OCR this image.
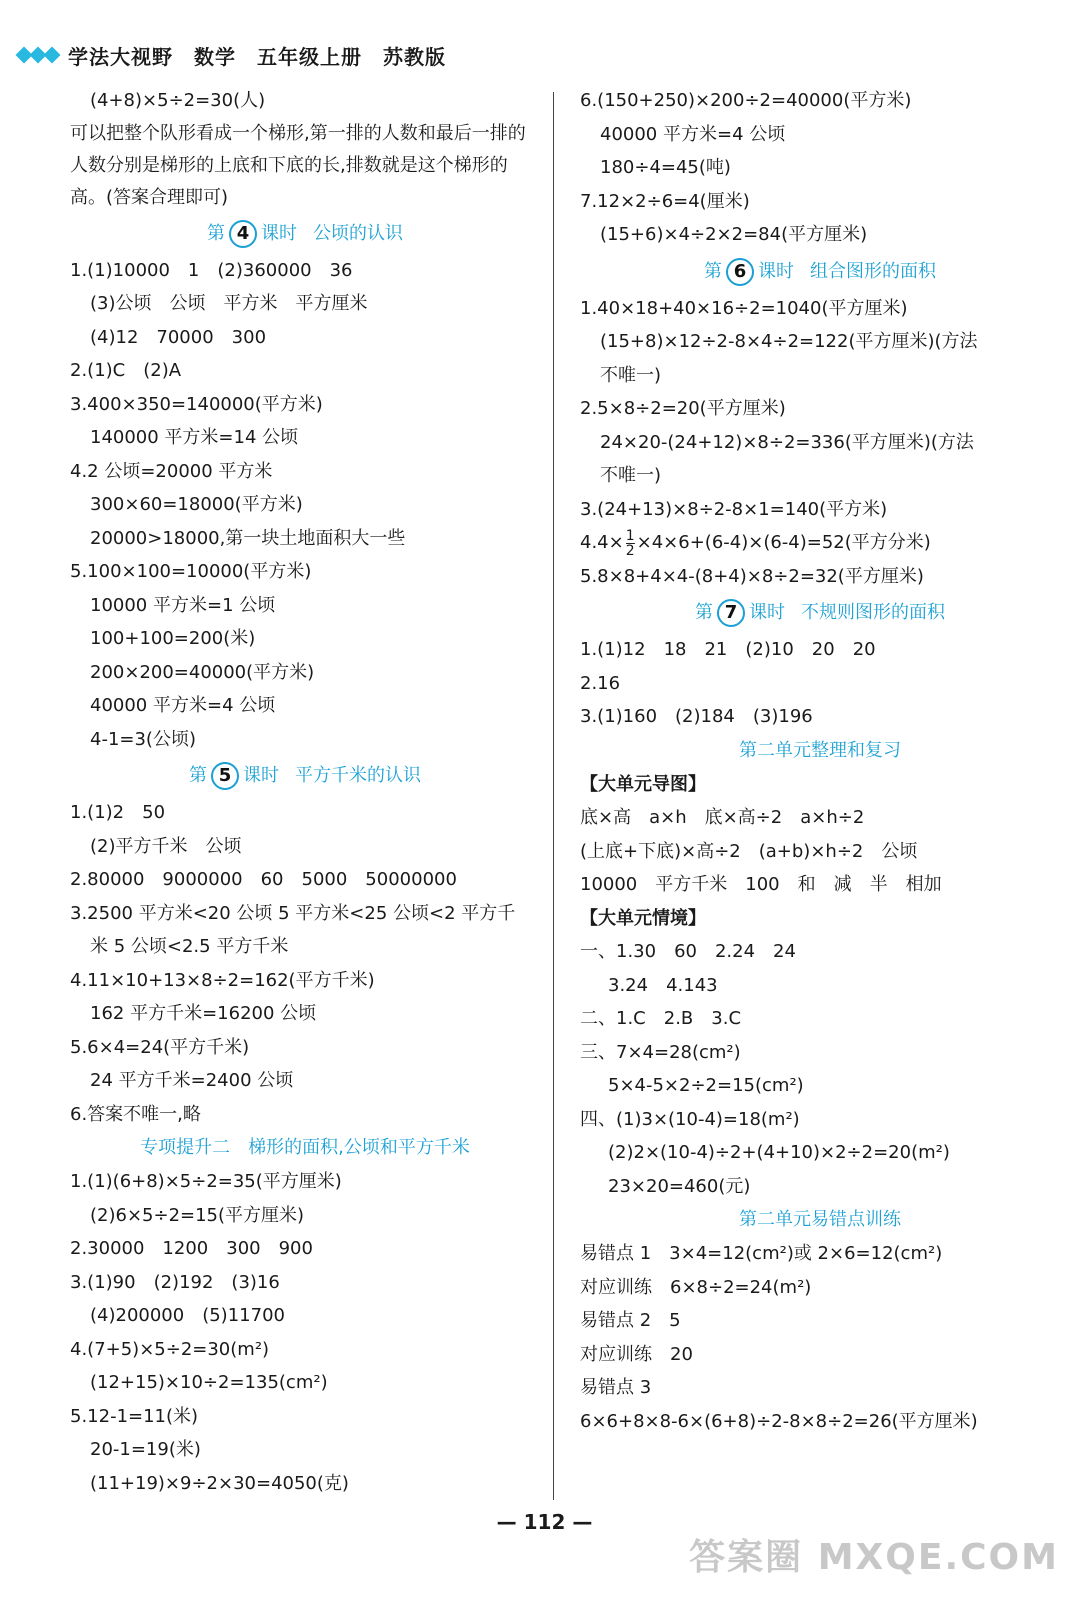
学法大视野　数学　五年级上册　苏教版
(4+8)×5÷2=30(人)
可以把整个队形看成一个梯形,第一排的人数和最后一排的人数分别是梯形的上底和下底的长,排数就是这个梯形的高。(答案合理即可)
第 4 课时 公顷的认识
1.(1)10000　1　(2)360000　36
(3)公顷　公顷　平方米　平方厘米
(4)12　70000　300
2.(1)C　(2)A
3.400×350=140000(平方米)
140000 平方米=14 公顷
4.2 公顷=20000 平方米
300×60=18000(平方米)
20000>18000,第一块土地面积大一些
5.100×100=10000(平方米)
10000 平方米=1 公顷
100+100=200(米)
200×200=40000(平方米)
40000 平方米=4 公顷
4-1=3(公顷)
第 5 课时 平方千米的认识
1.(1)2　50
(2)平方千米　公顷
2.80000　9000000　60　5000　50000000
3.2500 平方米<20 公顷 5 平方米<25 公顷<2 平方千
米 5 公顷<2.5 平方千米
4.11×10+13×8÷2=162(平方千米)
162 平方千米=16200 公顷
5.6×4=24(平方千米)
24 平方千米=2400 公顷
6.答案不唯一,略
专项提升二　梯形的面积,公顷和平方千米
1.(1)(6+8)×5÷2=35(平方厘米)
(2)6×5÷2=15(平方厘米)
2.30000　1200　300　900
3.(1)90　(2)192　(3)16
(4)200000　(5)11700
4.(7+5)×5÷2=30(m²)
(12+15)×10÷2=135(cm²)
5.12-1=11(米)
20-1=19(米)
(11+19)×9÷2×30=4050(克)
6.(150+250)×200÷2=40000(平方米)
40000 平方米=4 公顷
180÷4=45(吨)
7.12×2÷6=4(厘米)
(15+6)×4÷2×2=84(平方厘米)
第 6 课时 组合图形的面积
1.40×18+40×16÷2=1040(平方厘米)
(15+8)×12÷2-8×4÷2=122(平方厘米)(方法
不唯一)
2.5×8÷2=20(平方厘米)
24×20-(24+12)×8÷2=336(平方厘米)(方法
不唯一)
3.(24+13)×8÷2-8×1=140(平方米)
$4.4\times \frac{1}{2} \times 4\times 6+(6-4)\times(6-4)=52$(平方分米)
5.8×8+4×4-(8+4)×8÷2=32(平方厘米)
第 7 课时 不规则图形的面积
1.(1)12　18　21　(2)10　20　20
2.16
3.(1)160　(2)184　(3)196
第二单元整理和复习
【大单元导图】
底×高　a×h　底×高÷2　a×h÷2
(上底+下底)×高÷2　(a+b)×h÷2　公顷
10000　平方千米　100　和　减　半　相加
【大单元情境】
一、1.30　60　2.24　24
3.24　4.143
二、1.C　2.B　3.C
三、7×4=28(cm²)
5×4-5×2÷2=15(cm²)
四、(1)3×(10-4)=18(m²)
(2)2×(10-4)÷2+(4+10)×2÷2=20(m²)
23×20=460(元)
第二单元易错点训练
易错点 1　3×4=12(cm²)或 2×6=12(cm²)
对应训练　6×8÷2=24(m²)
易错点 2　5
对应训练　20
易错点 3
6×6+8×8-6×(6+8)÷2-8×8÷2=26(平方厘米)
— 112 —
答案圈 MXQE.COM
